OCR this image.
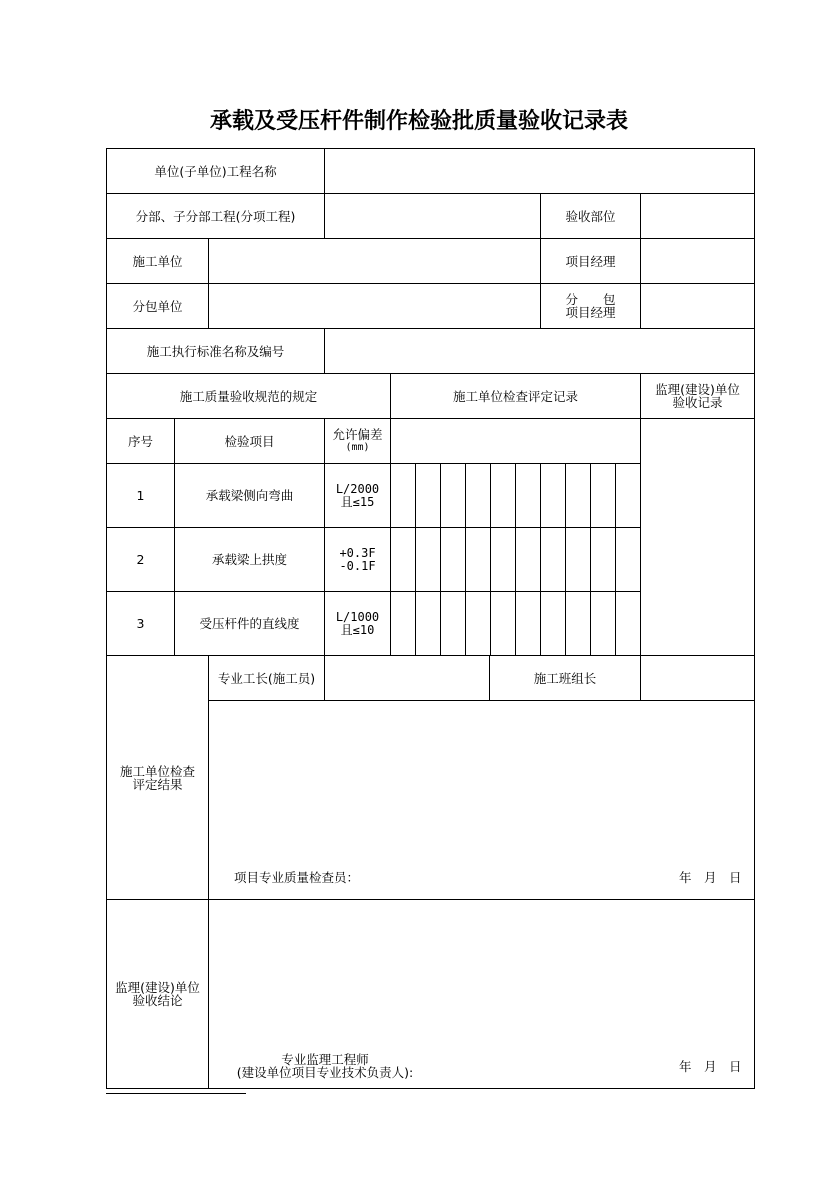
承载及受压杆件制作检验批质量验收记录表
单位(子单位)工程名称
分部、子分部工程(分项工程)	验收部位
施工单位	项目经理
分包单位	分　　包
项目经理
施工执行标准名称及编号
施工质量验收规范的规定	施工单位检查评定记录	监理(建设)单位
验收记录
序号	检验项目	允许偏差
(mm)
1	承载梁侧向弯曲	L/2000
且≤15
2	承载梁上拱度	+0.3F
-0.1F
3	受压杆件的直线度	L/1000
且≤10
施工单位检查
评定结果
专业工长(施工员)	施工班组长
项目专业质量检查员：	年　月　日
监理(建设)单位
验收结论
专业监理工程师
(建设单位项目专业技术负责人):	年　月　日
